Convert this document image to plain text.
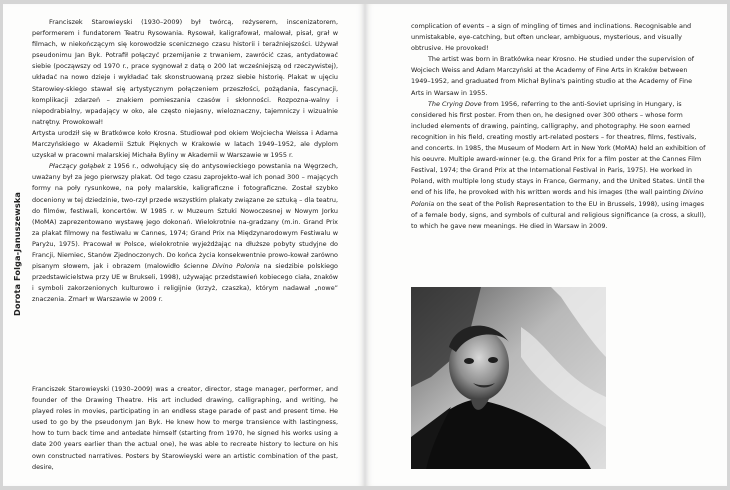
Dorota Folga-Januszewska

Franciszek Starowieyski (1930–2009) był twórcą, reżyserem, inscenizatorem, performerem i fundatorem Teatru Rysowania. Rysował, kaligrafował, malował, pisał, grał w filmach, w niekończącym się korowodzie scenicznego czasu historii i teraźniejszości. Używał pseudonimu Jan Byk. Potrafił połączyć przemijanie z trwaniem, zawrócić czas, antydatować siebie (począwszy od 1970 r., prace sygnował z datą o 200 lat wcześniejszą od rzeczywistej), układać na nowo dzieje i wykładać tak skonstruowaną przez siebie historię. Plakat w ujęciu Starowiey-skiego stawał się artystycznym połączeniem przeszłości, pożądania, fascynacji, komplikacji zdarzeń – znakiem pomieszania czasów i skłonności. Rozpozna-walny i niepodrabialny, wpadający w oko, ale często niejasny, wieloznaczny, tajemniczy i wizualnie natrętny. Prowokował!

Artysta urodził się w Bratkówce koło Krosna. Studiował pod okiem Wojciecha Weissa i Adama Marczyńskiego w Akademii Sztuk Pięknych w Krakowie w latach 1949–1952, ale dyplom uzyskał w pracowni malarskiej Michała Byliny w Akademii w Warszawie w 1955 r.

Płaczący gołąbek z 1956 r., odwołujący się do antysowieckiego powstania na Węgrzech, uważany był za jego pierwszy plakat. Od tego czasu zaprojekto-wał ich ponad 300 – mających formy na poły rysunkowe, na poły malarskie, kaligraficzne i fotograficzne. Został szybko doceniony w tej dziedzinie, two-rzył przede wszystkim plakaty związane ze sztuką – dla teatru, do filmów, festiwali, koncertów. W 1985 r. w Muzeum Sztuki Nowoczesnej w Nowym Jorku (MoMA) zaprezentowano wystawę jego dokonań. Wielokrotnie na-gradzany (m.in. Grand Prix za plakat filmowy na festiwalu w Cannes, 1974; Grand Prix na Międzynarodowym Festiwalu w Paryżu, 1975). Pracował w Polsce, wielokrotnie wyjeżdżając na dłuższe pobyty studyjne do Francji, Niemiec, Stanów Zjednoczonych. Do końca życia konsekwentnie prowo-kował zarówno pisanym słowem, jak i obrazem (malowidło ścienne Divino Polonia na siedzibie polskiego przedstawicielstwa przy UE w Brukseli, 1998), używając przedstawień kobiecego ciała, znaków i symboli zakorzenionych kulturowo i religijnie (krzyż, czaszka), którym nadawał „nowe” znaczenia. Zmarł w Warszawie w 2009 r.

Franciszek Starowieyski (1930–2009) was a creator, director, stage manager, performer, and founder of the Drawing Theatre. His art included drawing, calligraphing, and writing, he played roles in movies, participating in an endless stage parade of past and present time. He used to go by the pseudonym Jan Byk. He knew how to merge transience with lastingness, how to turn back time and antedate himself (starting from 1970, he signed his works using a date 200 years earlier than the actual one), he was able to recreate history to lecture on his own constructed narratives. Posters by Starowieyski were an artistic combination of the past, desire,

complication of events – a sign of mingling of times and inclinations. Recognisable and unmistakable, eye-catching, but often unclear, ambiguous, mysterious, and visually obtrusive. He provoked!

The artist was born in Bratkówka near Krosno. He studied under the supervision of Wojciech Weiss and Adam Marczyński at the Academy of Fine Arts in Kraków between 1949–1952, and graduated from Michał Bylina's painting studio at the Academy of Fine Arts in Warsaw in 1955.

The Crying Dove from 1956, referring to the anti-Soviet uprising in Hungary, is considered his first poster. From then on, he designed over 300 others – whose form included elements of drawing, painting, calligraphy, and photography. He soon earned recognition in his field, creating mostly art-related posters – for theatres, films, festivals, and concerts. In 1985, the Museum of Modern Art in New York (MoMA) held an exhibition of his oeuvre. Multiple award-winner (e.g. the Grand Prix for a film poster at the Cannes Film Festival, 1974; the Grand Prix at the International Festival in Paris, 1975). He worked in Poland, with multiple long study stays in France, Germany, and the United States. Until the end of his life, he provoked with his written words and his images (the wall painting Divino Polonia on the seat of the Polish Representation to the EU in Brussels, 1998), using images of a female body, signs, and symbols of cultural and religious significance (a cross, a skull), to which he gave new meanings. He died in Warsaw in 2009.
